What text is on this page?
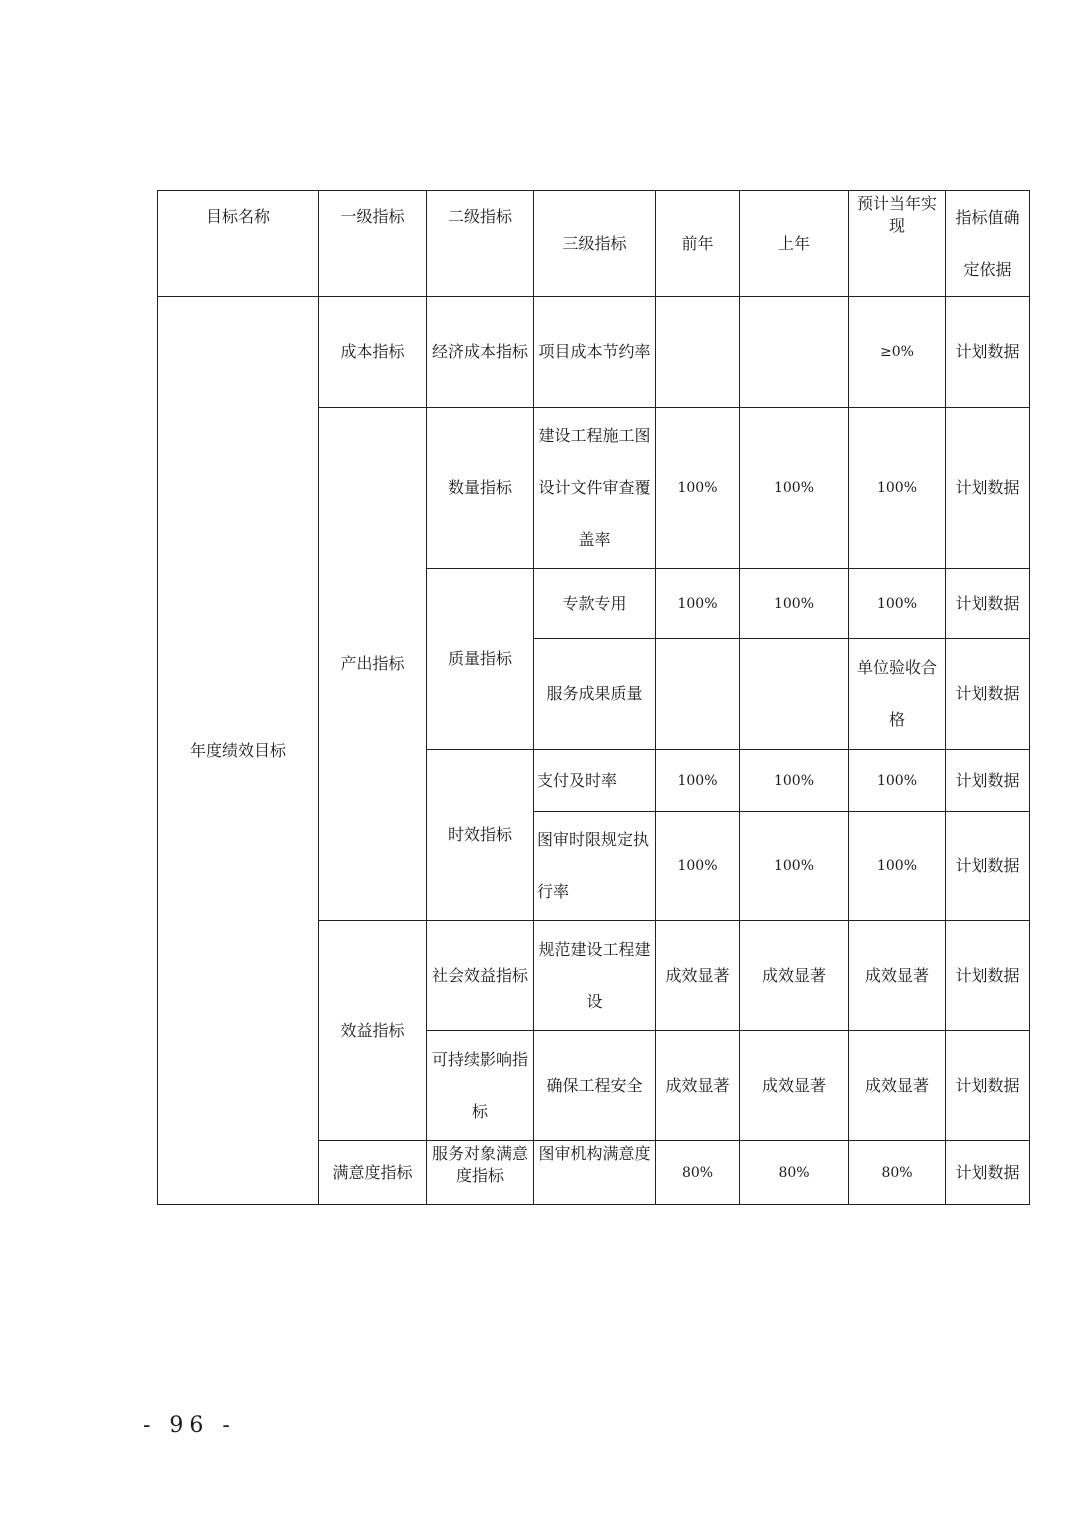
目标名称	一级指标	二级指标	三级指标	前年	上年	预计当年实现	指标值确定依据
年度绩效目标	成本指标	经济成本指标	项目成本节约率			≥0%	计划数据
	产出指标	数量指标	建设工程施工图设计文件审查覆盖率	100%	100%	100%	计划数据
		质量指标	专款专用	100%	100%	100%	计划数据
			服务成果质量			单位验收合格	计划数据
		时效指标	支付及时率	100%	100%	100%	计划数据
			图审时限规定执行率	100%	100%	100%	计划数据
	效益指标	社会效益指标	规范建设工程建设	成效显著	成效显著	成效显著	计划数据
		可持续影响指标	确保工程安全	成效显著	成效显著	成效显著	计划数据
	满意度指标	服务对象满意度指标	图审机构满意度	80%	80%	80%	计划数据
- 96 -
